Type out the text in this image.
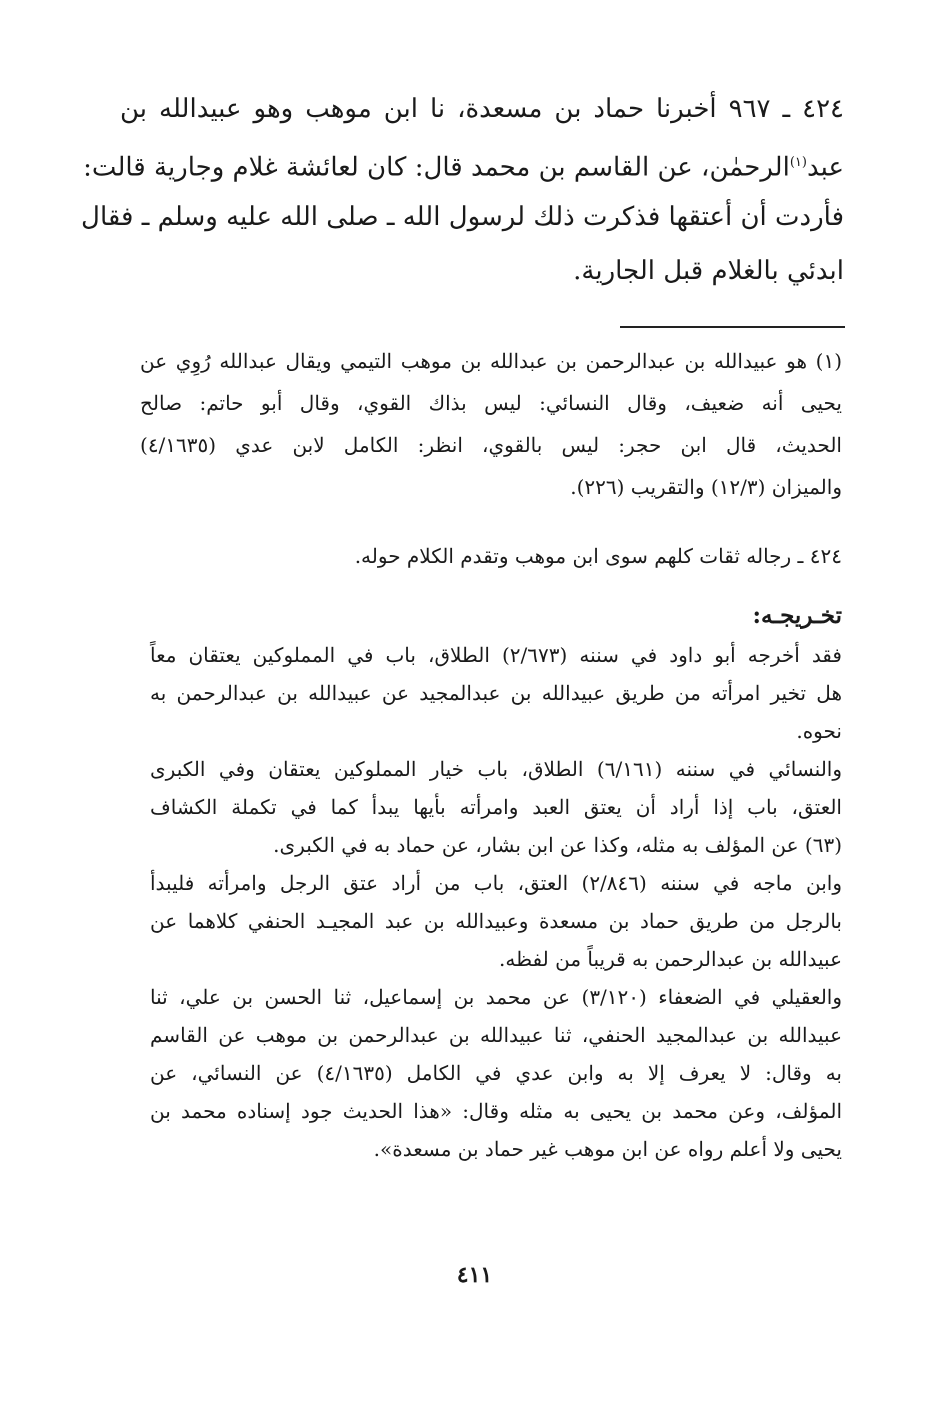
٤٢٤ ـ ٩٦٧ أخبرنا حماد بن مسعدة، نا ابن موهب وهو عبيدالله بن
عبد$^{(١)}$الرحمٰن، عن القاسم بن محمد قال: كان لعائشة غلام وجارية قالت:
فأردت أن أعتقها فذكرت ذلك لرسول الله ـ صلى الله عليه وسلم ـ فقال
ابدئي بالغلام قبل الجارية.
(١) هو عبيدالله بن عبدالرحمن بن عبدالله بن موهب التيمي ويقال عبدالله رُوِي عن
يحيى أنه ضعيف، وقال النسائي: ليس بذاك القوي، وقال أبو حاتم: صالح
الحديث، قال ابن حجر: ليس بالقوي، انظر: الكامل لابن عدي (٤/١٦٣٥)
والميزان (١٢/٣) والتقريب (٢٢٦).
٤٢٤ ـ رجاله ثقات كلهم سوى ابن موهب وتقدم الكلام حوله.
تخـريجـه:
فقد أخرجه أبو داود في سننه (٢/٦٧٣) الطلاق، باب في المملوكين يعتقان معاً
هل تخير امرأته من طريق عبيدالله بن عبدالمجيد عن عبيدالله بن عبدالرحمن به
نحوه.
والنسائي في سننه (٦/١٦١) الطلاق، باب خيار المملوكين يعتقان وفي الكبرى
العتق، باب إذا أراد أن يعتق العبد وامرأته بأيها يبدأ كما في تكملة الكشاف
(٦٣) عن المؤلف به مثله، وكذا عن ابن بشار، عن حماد به في الكبرى.
وابن ماجه في سننه (٢/٨٤٦) العتق، باب من أراد عتق الرجل وامرأته فليبدأ
بالرجل من طريق حماد بن مسعدة وعبيدالله بن عبد المجيـد الحنفي كلاهما عن
عبيدالله بن عبدالرحمن به قريباً من لفظه.
والعقيلي في الضعفاء (٣/١٢٠) عن محمد بن إسماعيل، ثنا الحسن بن علي، ثنا
عبيدالله بن عبدالمجيد الحنفي، ثنا عبيدالله بن عبدالرحمن بن موهب عن القاسم
به وقال: لا يعرف إلا به وابن عدي في الكامل (٤/١٦٣٥) عن النسائي، عن
المؤلف، وعن محمد بن يحيى به مثله وقال: «هذا الحديث جود إسناده محمد بن
يحيى ولا أعلم رواه عن ابن موهب غير حماد بن مسعدة».
٤١١
